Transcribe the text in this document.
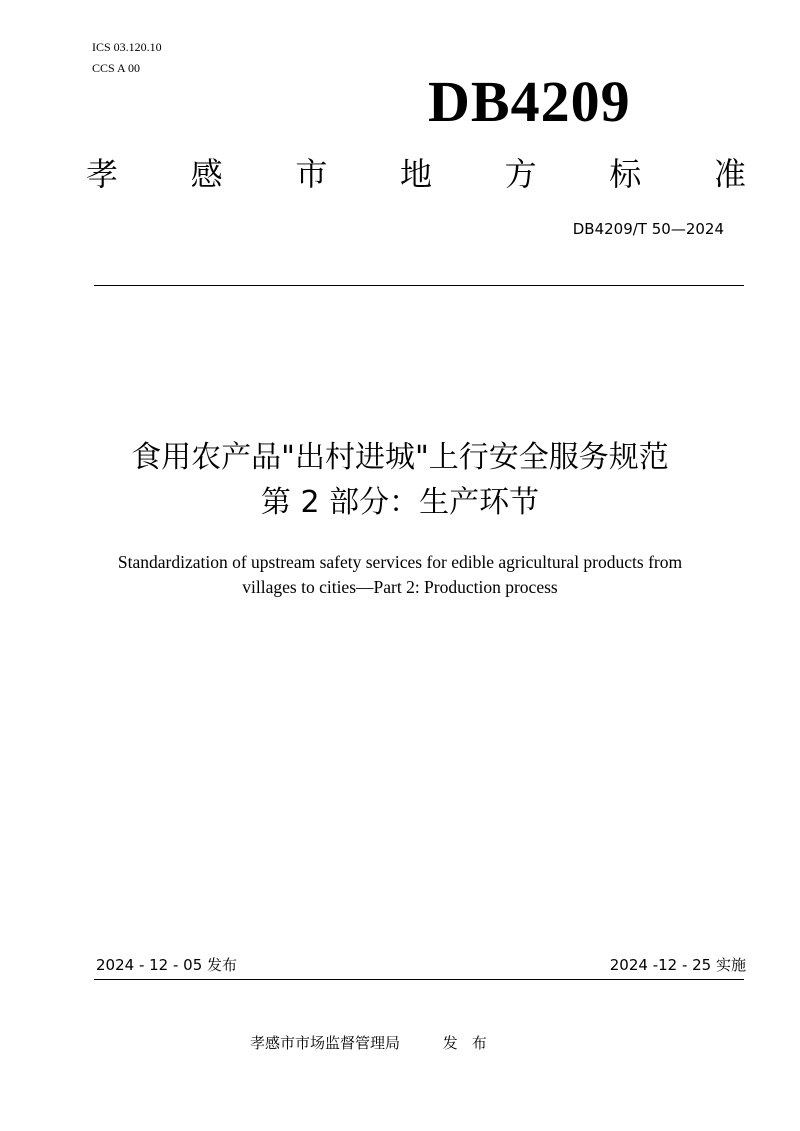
ICS 03.120.10
CCS A 00
DB4209
孝 感 市 地 方 标 准
DB4209/T 50—2024
食用农产品"出村进城"上行安全服务规范
第 2 部分：生产环节
Standardization of upstream safety services for edible agricultural products from
villages to cities—Part 2: Production process
2024 - 12 - 05 发布	2024 -12 - 25 实施
孝感市市场监督管理局	发布
